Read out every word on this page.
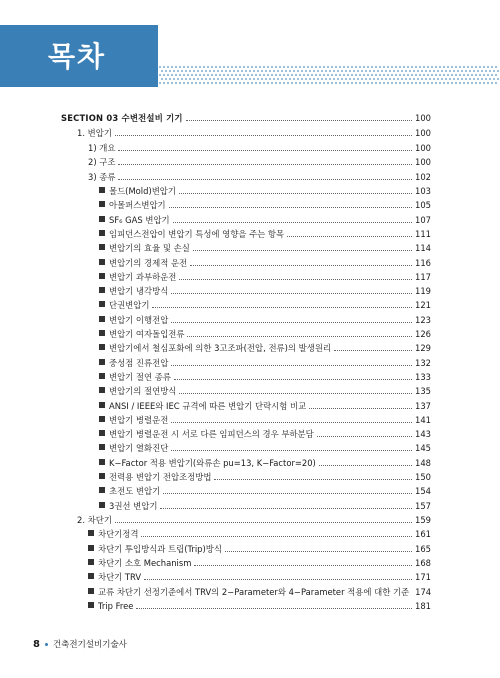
목차
SECTION 03 수변전설비 기기	100
1. 변압기	100
1) 개요	100
2) 구조	100
3) 종류	102
몰드(Mold)변압기	103
아몰퍼스변압기	105
SF₆ GAS 변압기	107
임피던스전압이 변압기 특성에 영향을 주는 항목	111
변압기의 효율 및 손실	114
변압기의 경제적 운전	116
변압기 과부하운전	117
변압기 냉각방식	119
단권변압기	121
변압기 이행전압	123
변압기 여자돌입전류	126
변압기에서 철심포화에 의한 3고조파(전압, 전류)의 발생원리	129
중성점 진류전압	132
변압기 절연 종류	133
변압기의 절연방식	135
ANSI / IEEE와 IEC 규격에 따른 변압기 단락시험 비교	137
변압기 병렬운전	141
변압기 병렬운전 시 서로 다른 임피던스의 경우 부하분담	143
변압기 열화진단	145
K−Factor 적용 변압기(와류손 pu=13, K−Factor=20)	148
전력용 변압기 전압조정방법	150
초전도 변압기	154
3권선 변압기	157
2. 차단기	159
차단기정격	161
차단기 투입방식과 트립(Trip)방식	165
차단기 소호 Mechanism	168
차단기 TRV	171
교류 차단기 선정기준에서 TRV의 2−Parameter와 4−Parameter 적용에 대한 기준 174
Trip Free	181
8 건축전기설비기술사
